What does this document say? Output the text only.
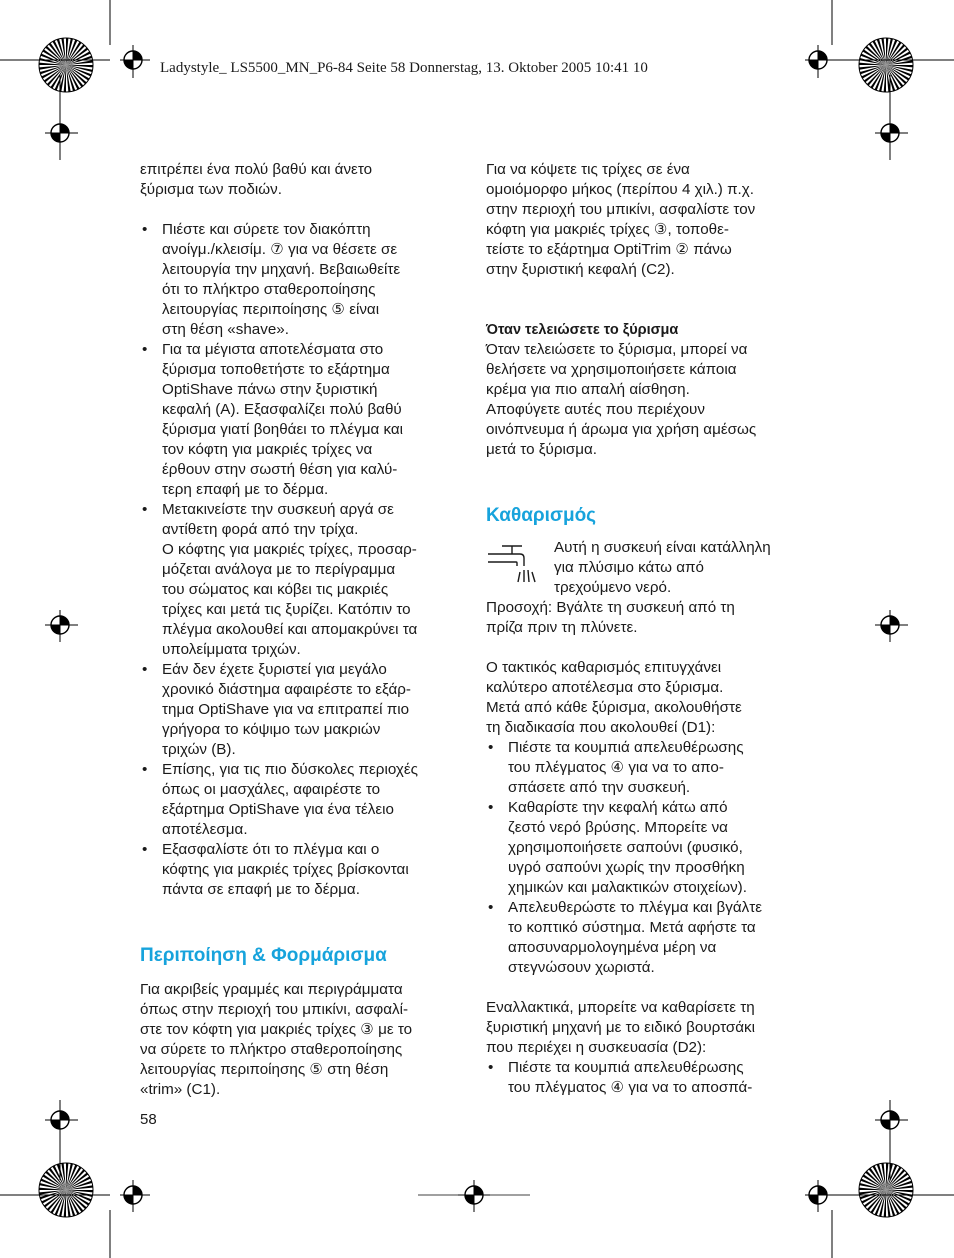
Ladystyle_ LS5500_MN_P6-84 Seite 58 Donnerstag, 13. Oktober 2005 10:41 10

επιτρέπει ένα πολύ βαθύ και άνετο
ξύρισμα των ποδιών.

• Πιέστε και σύρετε τον διακόπτη
ανοίγμ./κλεισίμ. ⑦ για να θέσετε σε
λειτουργία την μηχανή. Βεβαιωθείτε
ότι το πλήκτρο σταθεροποίησης
λειτουργίας περιποίησης ⑤ είναι
στη θέση «shave».
• Για τα μέγιστα αποτελέσματα στο
ξύρισμα τοποθετήστε το εξάρτημα
OptiShave πάνω στην ξυριστική
κεφαλή (A). Εξασφαλίζει πολύ βαθύ
ξύρισμα γιατί βοηθάει το πλέγμα και
τον κόφτη για μακριές τρίχες να
έρθουν στην σωστή θέση για καλύ-
τερη επαφή με το δέρμα.
• Μετακινείστε την συσκευή αργά σε
αντίθετη φορά από την τρίχα.
Ο κόφτης για μακριές τρίχες, προσαρ-
μόζεται ανάλογα με το περίγραμμα
του σώματος και κόβει τις μακριές
τρίχες και μετά τις ξυρίζει. Κατόπιν το
πλέγμα ακολουθεί και απομακρύνει τα
υπολείμματα τριχών.
• Εάν δεν έχετε ξυριστεί για μεγάλο
χρονικό διάστημα αφαιρέστε το εξάρ-
τημα OptiShave για να επιτραπεί πιο
γρήγορα το κόψιμο των μακριών
τριχών (B).
• Επίσης, για τις πιο δύσκολες περιοχές
όπως οι μασχάλες, αφαιρέστε το
εξάρτημα OptiShave για ένα τέλειο
αποτέλεσμα.
• Εξασφαλίστε ότι το πλέγμα και ο
κόφτης για μακριές τρίχες βρίσκονται
πάντα σε επαφή με το δέρμα.
Περιποίηση & Φορμάρισμα

Για ακριβείς γραμμές και περιγράμματα
όπως στην περιοχή του μπικίνι, ασφαλί-
στε τον κόφτη για μακριές τρίχες ③ με το
να σύρετε το πλήκτρο σταθεροποίησης
λειτουργίας περιποίησης ⑤ στη θέση
«trim» (C1).

Για να κόψετε τις τρίχες σε ένα
ομοιόμορφο μήκος (περίπου 4 χιλ.) π.χ.
στην περιοχή του μπικίνι, ασφαλίστε τον
κόφτη για μακριές τρίχες ③, τοποθε-
τείστε το εξάρτημα OptiTrim ② πάνω
στην ξυριστική κεφαλή (C2).

Όταν τελειώσετε το ξύρισμα

Όταν τελειώσετε το ξύρισμα, μπορεί να
θελήσετε να χρησιμοποιήσετε κάποια
κρέμα για πιο απαλή αίσθηση.
Αποφύγετε αυτές που περιέχουν
οινόπνευμα ή άρωμα για χρήση αμέσως
μετά το ξύρισμα.

Καθαρισμός
Αυτή η συσκευή είναι κατάλληλη
για πλύσιμο κάτω από
τρεχούμενο νερό.

Προσοχή: Βγάλτε τη συσκευή από τη
πρίζα πριν τη πλύνετε.

Ο τακτικός καθαρισμός επιτυγχάνει
καλύτερο αποτέλεσμα στο ξύρισμα.
Μετά από κάθε ξύρισμα, ακολουθήστε
τη διαδικασία που ακολουθεί (D1):

• Πιέστε τα κουμπιά απελευθέρωσης
του πλέγματος ④ για να το απο-
σπάσετε από την συσκευή.
• Καθαρίστε την κεφαλή κάτω από
ζεστό νερό βρύσης. Μπορείτε να
χρησιμοποιήσετε σαπούνι (φυσικό,
υγρό σαπούνι χωρίς την προσθήκη
χημικών και μαλακτικών στοιχείων).
• Απελευθερώστε το πλέγμα και βγάλτε
το κοπτικό σύστημα. Μετά αφήστε τα
αποσυναρμολογημένα μέρη να
στεγνώσουν χωριστά.

Εναλλακτικά, μπορείτε να καθαρίσετε τη
ξυριστική μηχανή με το ειδικό βουρτσάκι
που περιέχει η συσκευασία (D2):

• Πιέστε τα κουμπιά απελευθέρωσης
του πλέγματος ④ για να το αποσπά-
58
